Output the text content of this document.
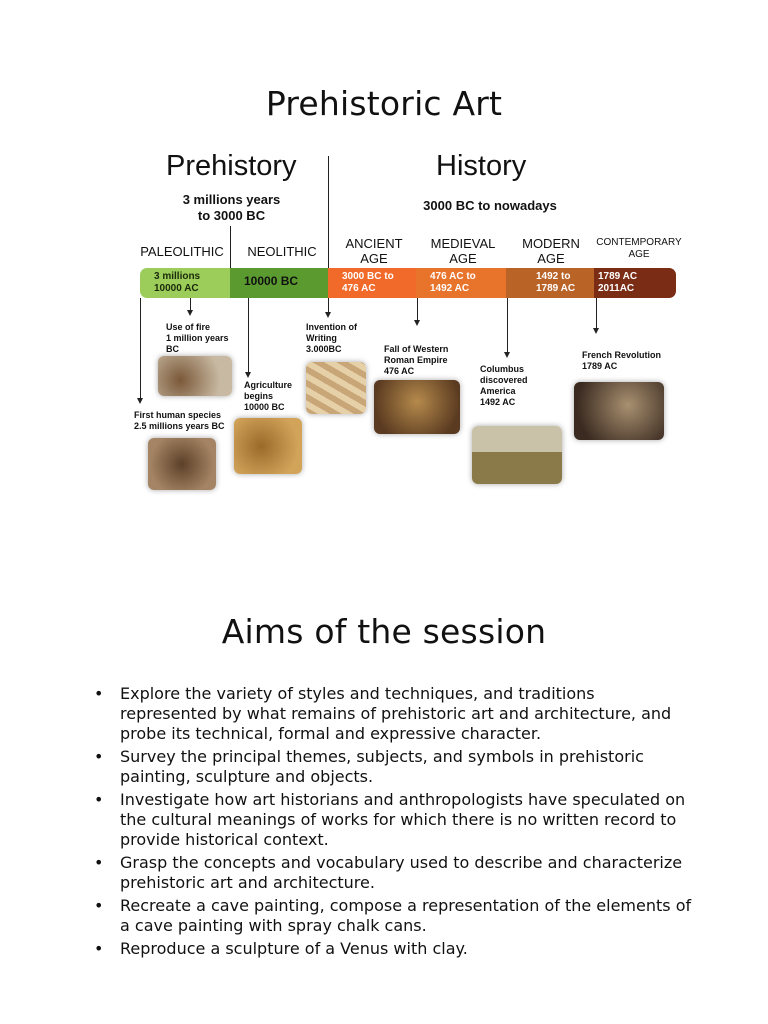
Prehistoric Art
Prehistory
3 millions years
to 3000 BC
History
3000 BC to nowadays
PALEOLITHIC	NEOLITHIC
ANCIENT
AGE
MEDIEVAL
AGE
MODERN
AGE
CONTEMPORARY
AGE
3 millions
10000 AC
10000 BC	3000 BC to
476 AC
476 AC to
1492 AC
1492 to
1789 AC
1789 AC
2011AC
Use of fire
1 million years
BC
First human species
2.5 millions years BC
Agriculture
begins
10000 BC
Invention of
Writing
3.000BC	Fall of Western
Roman Empire
476 AC	Columbus
discovered
America
1492 AC
French Revolution
1789 AC
Aims of the session
• Explore the variety of styles and techniques, and traditions represented by what remains of prehistoric art and architecture, and probe its technical, formal and expressive character.
• Survey the principal themes, subjects, and symbols in prehistoric painting, sculpture and objects.
• Investigate how art historians and anthropologists have speculated on the cultural meanings of works for which there is no written record to provide historical context.
• Grasp the concepts and vocabulary used to describe and characterize prehistoric art and architecture.
• Recreate a cave painting, compose a representation of the elements of a cave painting with spray chalk cans.
• Reproduce a sculpture of a Venus with clay.
